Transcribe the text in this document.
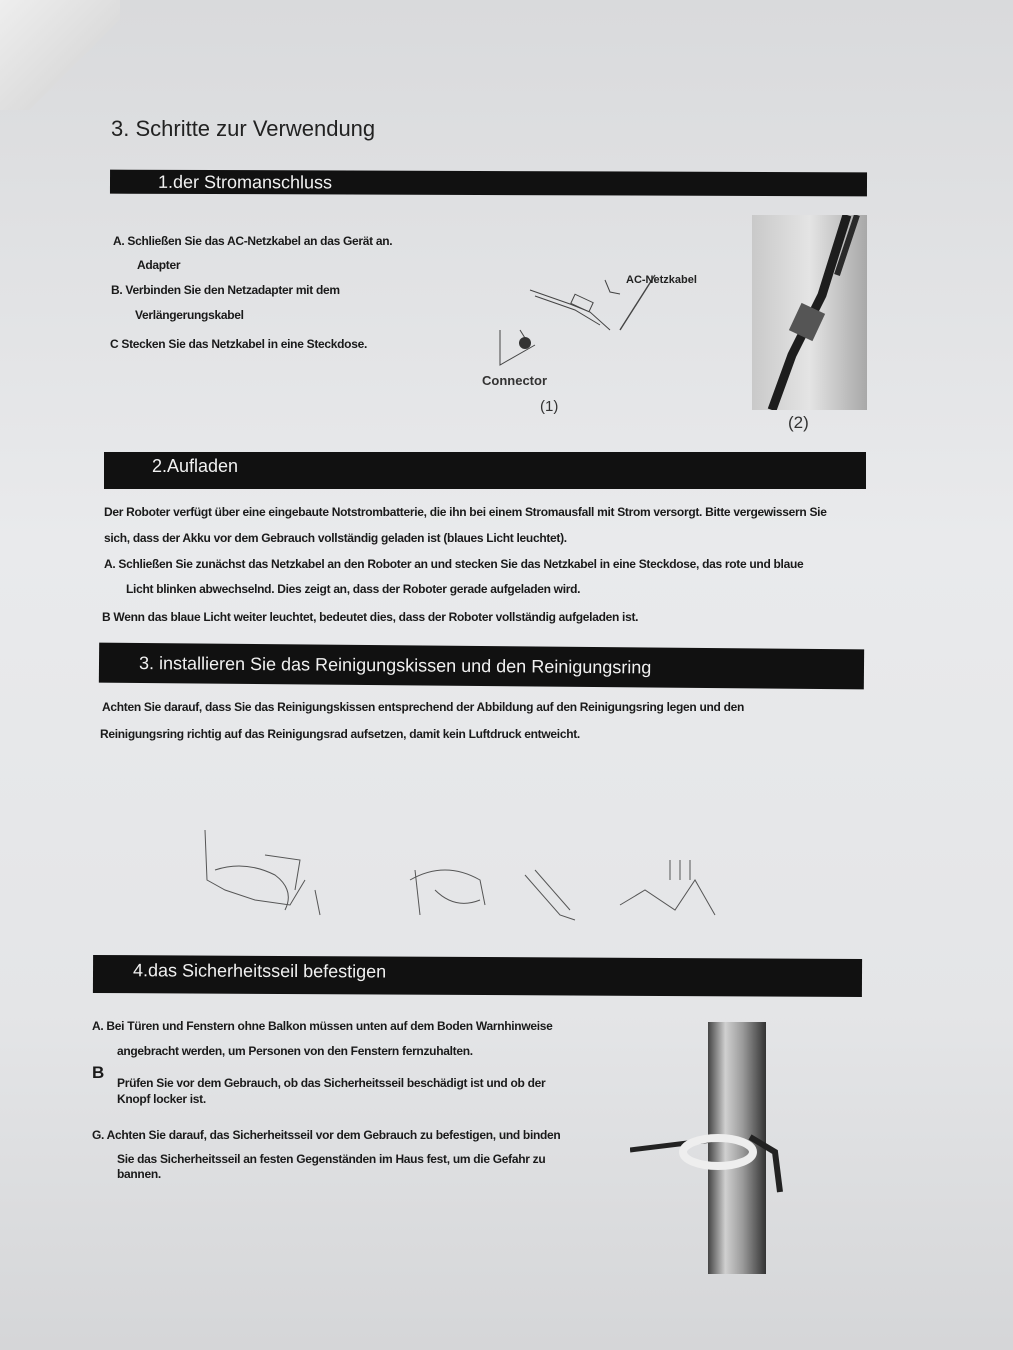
3. Schritte zur Verwendung
1.der Stromanschluss
A. Schließen Sie das AC-Netzkabel an das Gerät an.
Adapter
B. Verbinden Sie den Netzadapter mit dem
Verlängerungskabel
C Stecken Sie das Netzkabel in eine Steckdose.
AC-Netzkabel
Connector
(1)
(2)
2.Aufladen
Der Roboter verfügt über eine eingebaute Notstrombatterie, die ihn bei einem Stromausfall mit Strom versorgt. Bitte vergewissern Sie
sich, dass der Akku vor dem Gebrauch vollständig geladen ist (blaues Licht leuchtet).
A. Schließen Sie zunächst das Netzkabel an den Roboter an und stecken Sie das Netzkabel in eine Steckdose, das rote und blaue
Licht blinken abwechselnd. Dies zeigt an, dass der Roboter gerade aufgeladen wird.
B Wenn das blaue Licht weiter leuchtet, bedeutet dies, dass der Roboter vollständig aufgeladen ist.
3. installieren Sie das Reinigungskissen und den Reinigungsring
Achten Sie darauf, dass Sie das Reinigungskissen entsprechend der Abbildung auf den Reinigungsring legen und den
Reinigungsring richtig auf das Reinigungsrad aufsetzen, damit kein Luftdruck entweicht.
4.das Sicherheitsseil befestigen
A. Bei Türen und Fenstern ohne Balkon müssen unten auf dem Boden Warnhinweise
angebracht werden, um Personen von den Fenstern fernzuhalten.
B
Prüfen Sie vor dem Gebrauch, ob das Sicherheitsseil beschädigt ist und ob der
Knopf locker ist.
G. Achten Sie darauf, das Sicherheitsseil vor dem Gebrauch zu befestigen, und binden
Sie das Sicherheitsseil an festen Gegenständen im Haus fest, um die Gefahr zu
bannen.
